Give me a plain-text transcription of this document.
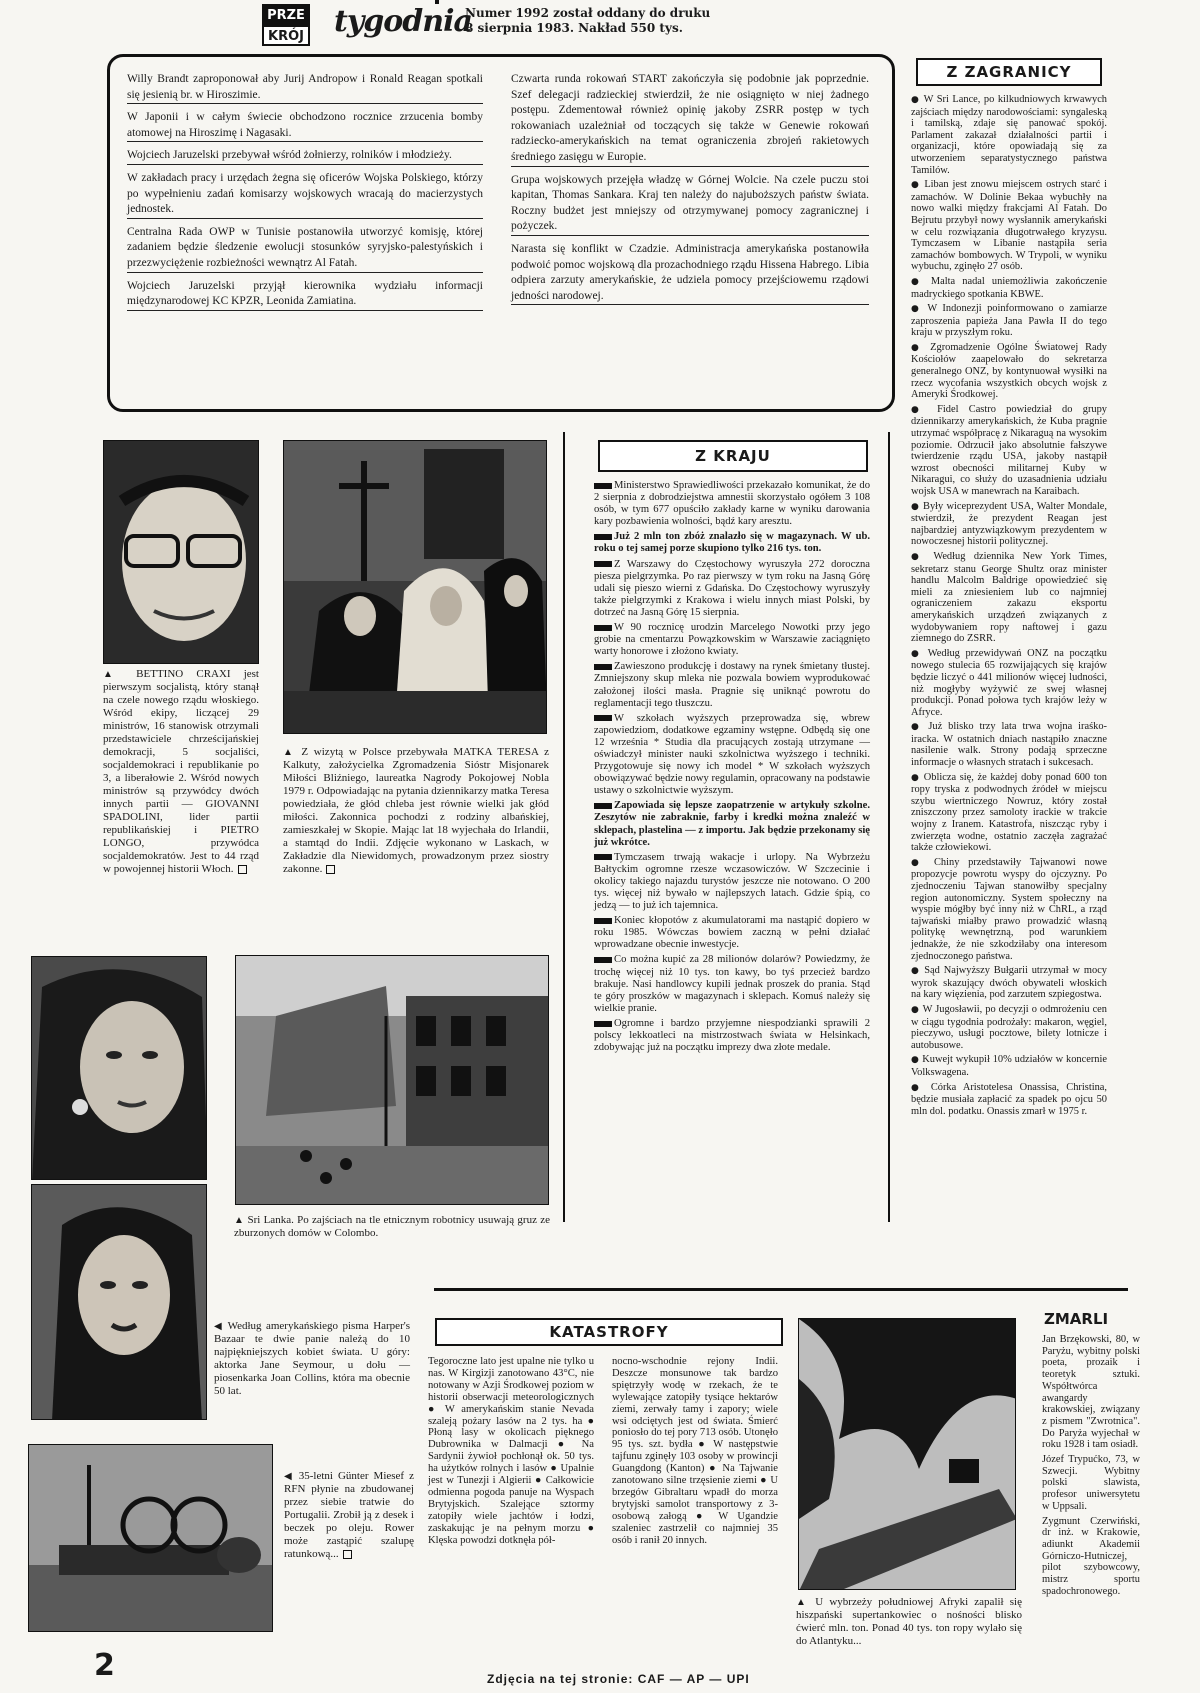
PRZE
KRÓJ tygodnia
Numer 1992 został oddany do druku
8 sierpnia 1983. Nakład 550 tys.

Willy Brandt zaproponował aby Jurij Andropow i Ronald Reagan spotkali się jesienią br. w Hiroszimie.

W Japonii i w całym świecie obchodzono rocznice zrzucenia bomby atomowej na Hiroszimę i Nagasaki.

Wojciech Jaruzelski przebywał wśród żołnierzy, rolników i młodzieży.

W zakładach pracy i urzędach żegna się oficerów Wojska Polskiego, którzy po wypełnieniu zadań komisarzy wojskowych wracają do macierzystych jednostek.

Centralna Rada OWP w Tunisie postanowiła utworzyć komisję, której zadaniem będzie śledzenie ewolucji stosunków syryjsko-palestyńskich i przezwyciężenie rozbieżności wewnątrz Al Fatah.

Wojciech Jaruzelski przyjął kierownika wydziału informacji międzynarodowej KC KPZR, Leonida Zamiatina.

Czwarta runda rokowań START zakończyła się podobnie jak poprzednie. Szef delegacji radzieckiej stwierdził, że nie osiągnięto w niej żadnego postępu. Zdementował również opinię jakoby ZSRR postęp w tych rokowaniach uzależniał od toczących się także w Genewie rokowań radziecko-amerykańskich na temat ograniczenia zbrojeń rakietowych średniego zasięgu w Europie.

Grupa wojskowych przejęła władzę w Górnej Wolcie. Na czele puczu stoi kapitan, Thomas Sankara. Kraj ten należy do najuboższych państw świata. Roczny budżet jest mniejszy od otrzymywanej pomocy zagranicznej i pożyczek.

Narasta się konflikt w Czadzie. Administracja amerykańska postanowiła podwoić pomoc wojskową dla prozachodniego rządu Hissena Habrego. Libia odpiera zarzuty amerykańskie, że udziela pomocy przejściowemu rządowi jedności narodowej.

Z ZAGRANICY

● W Sri Lance, po kilkudniowych krwawych zajściach między narodowościami: syngaleską i tamilską, zdaje się panować spokój. Parlament zakazał działalności partii i organizacji, które opowiadają się za utworzeniem separatystycznego państwa Tamilów.

● Liban jest znowu miejscem ostrych starć i zamachów. W Dolinie Bekaa wybuchły na nowo walki między frakcjami Al Fatah. Do Bejrutu przybył nowy wysłannik amerykański w celu rozwiązania długotrwałego kryzysu. Tymczasem w Libanie nastąpiła seria zamachów bombowych. W Trypoli, w wyniku wybuchu, zginęło 27 osób.

● Malta nadal uniemożliwia zakończenie madryckiego spotkania KBWE.

● W Indonezji poinformowano o zamiarze zaproszenia papieża Jana Pawła II do tego kraju w przyszłym roku.

● Zgromadzenie Ogólne Światowej Rady Kościołów zaapelowało do sekretarza generalnego ONZ, by kontynuował wysiłki na rzecz wycofania wszystkich obcych wojsk z Ameryki Środkowej.

● Fidel Castro powiedział do grupy dziennikarzy amerykańskich, że Kuba pragnie utrzymać współpracę z Nikaraguą na wysokim poziomie. Odrzucił jako absolutnie fałszywe twierdzenie rządu USA, jakoby nastąpił wzrost obecności militarnej Kuby w Nikaragui, co służy do uzasadnienia udziału wojsk USA w manewrach na Karaibach.

● Były wiceprezydent USA, Walter Mondale, stwierdził, że prezydent Reagan jest najbardziej antyzwiązkowym prezydentem w nowoczesnej historii politycznej.

● Według dziennika New York Times, sekretarz stanu George Shultz oraz minister handlu Malcolm Baldrige opowiedzieć się mieli za zniesieniem lub co najmniej ograniczeniem zakazu eksportu amerykańskich urządzeń związanych z wydobywaniem ropy naftowej i gazu ziemnego do ZSRR.

● Według przewidywań ONZ na początku nowego stulecia 65 rozwijających się krajów będzie liczyć o 441 milionów więcej ludności, niż mogłyby wyżywić ze swej własnej produkcji. Ponad połowa tych krajów leży w Afryce.

● Już blisko trzy lata trwa wojna iraśko-iracka. W ostatnich dniach nastąpiło znaczne nasilenie walk. Strony podają sprzeczne informacje o własnych stratach i sukcesach.

● Oblicza się, że każdej doby ponad 600 ton ropy tryska z podwodnych źródeł w miejscu szybu wiertniczego Nowruz, który został zniszczony przez samoloty irackie w trakcie wojny z Iranem. Katastrofa, niszcząc ryby i zwierzęta wodne, ostatnio zaczęła zagrażać także człowiekowi.

● Chiny przedstawiły Tajwanowi nowe propozycje powrotu wyspy do ojczyzny. Po zjednoczeniu Tajwan stanowiłby specjalny region autonomiczny. System społeczny na wyspie mógłby być inny niż w ChRL, a rząd tajwański miałby prawo prowadzić własną politykę wewnętrzną, pod warunkiem jednakże, że nie szkodziłaby ona interesom zjednoczonego państwa.

● Sąd Najwyższy Bułgarii utrzymał w mocy wyrok skazujący dwóch obywateli włoskich na kary więzienia, pod zarzutem szpiegostwa.

● W Jugosławii, po decyzji o odmrożeniu cen w ciągu tygodnia podrożały: makaron, węgiel, pieczywo, usługi pocztowe, bilety lotnicze i autobusowe.

● Kuwejt wykupił 10% udziałów w koncernie Volkswagena.

● Córka Aristotelesa Onassisa, Christina, będzie musiała zapłacić za spadek po ojcu 50 mln dol. podatku. Onassis zmarł w 1975 r.

▲ BETTINO CRAXI jest pierwszym socjalistą, który stanął na czele nowego rządu włoskiego. Wśród ekipy, liczącej 29 ministrów, 16 stanowisk otrzymali przedstawiciele chrześcijańskiej demokracji, 5 socjaliści, socjaldemokraci i republikanie po 3, a liberałowie 2. Wśród nowych ministrów są przywódcy dwóch innych partii — GIOVANNI SPADOLINI, lider partii republikańskiej i PIETRO LONGO, przywódca socjaldemokratów. Jest to 44 rząd w powojennej historii Włoch.
▲ Z wizytą w Polsce przebywała MATKA TERESA z Kalkuty, założycielka Zgromadzenia Sióstr Misjonarek Miłości Bliźniego, laureatka Nagrody Pokojowej Nobla 1979 r. Odpowiadając na pytania dziennikarzy matka Teresa powiedziała, że głód chleba jest równie wielki jak głód miłości. Zakonnica pochodzi z rodziny albańskiej, zamieszkałej w Skopie. Mając lat 18 wyjechała do Irlandii, a stamtąd do Indii. Zdjęcie wykonano w Laskach, w Zakładzie dla Niewidomych, prowadzonym przez siostry zakonne.
◀ Według amerykańskiego pisma Harper's Bazaar te dwie panie należą do 10 najpiękniejszych kobiet świata. U góry: aktorka Jane Seymour, u dołu — piosenkarka Joan Collins, która ma obecnie 50 lat.
▲ Sri Lanka. Po zajściach na tle etnicznym robotnicy usuwają gruz ze zburzonych domów w Colombo.
Z KRAJU

Ministerstwo Sprawiedliwości przekazało komunikat, że do 2 sierpnia z dobrodziejstwa amnestii skorzystało ogółem 3 108 osób, w tym 677 opuściło zakłady karne w wyniku darowania kary pozbawienia wolności, bądź kary aresztu.

Już 2 mln ton zbóż znalazło się w magazynach. W ub. roku o tej samej porze skupiono tylko 216 tys. ton.

Z Warszawy do Częstochowy wyruszyła 272 doroczna piesza pielgrzymka. Po raz pierwszy w tym roku na Jasną Górę udali się pieszo wierni z Gdańska. Do Częstochowy wyruszyły także pielgrzymki z Krakowa i wielu innych miast Polski, by dotrzeć na Jasną Górę 15 sierpnia.

W 90 rocznicę urodzin Marcelego Nowotki przy jego grobie na cmentarzu Powązkowskim w Warszawie zaciągnięto warty honorowe i złożono kwiaty.

Zawieszono produkcję i dostawy na rynek śmietany tłustej. Zmniejszony skup mleka nie pozwala bowiem wyprodukować założonej ilości masła. Pragnie się uniknąć powrotu do reglamentacji tego tłuszczu.

W szkołach wyższych przeprowadza się, wbrew zapowiedziom, dodatkowe egzaminy wstępne. Odbędą się one 12 września * Studia dla pracujących zostają utrzymane — oświadczył minister nauki szkolnictwa wyższego i techniki. Przygotowuje się nowy ich model * W szkołach wyższych obowiązywać będzie nowy regulamin, opracowany na podstawie ustawy o szkolnictwie wyższym.

Zapowiada się lepsze zaopatrzenie w artykuły szkolne. Zeszytów nie zabraknie, farby i kredki można znaleźć w sklepach, plastelina — z importu. Jak będzie przekonamy się już wkrótce.

Tymczasem trwają wakacje i urlopy. Na Wybrzeżu Bałtyckim ogromne rzesze wczasowiczów. W Szczecinie i okolicy takiego najazdu turystów jeszcze nie notowano. O 200 tys. więcej niż bywało w najlepszych latach. Gdzie śpią, co jedzą — to już ich tajemnica.

Koniec kłopotów z akumulatorami ma nastąpić dopiero w roku 1985. Wówczas bowiem zaczną w pełni działać wprowadzane obecnie inwestycje.

Co można kupić za 28 milionów dolarów? Powiedzmy, że trochę więcej niż 10 tys. ton kawy, bo tyś przecież bardzo brakuje. Nasi handlowcy kupili jednak proszek do prania. Stąd te góry proszków w magazynach i sklepach. Komuś należy się wielkie pranie.

Ogromne i bardzo przyjemne niespodzianki sprawili 2 polscy lekkoatleci na mistrzostwach świata w Helsinkach, zdobywając już na początku imprezy dwa złote medale.

◀ 35-letni Günter Miesef z RFN płynie na zbudowanej przez siebie tratwie do Portugalii. Zrobił ją z desek i beczek po oleju. Rower może zastąpić szalupę ratunkową...
KATASTROFY
Tegoroczne lato jest upalne nie tylko u nas. W Kirgizji zanotowano 43°C, nie notowany w Azji Środkowej poziom w historii obserwacji meteorologicznych ● W amerykańskim stanie Nevada szaleją pożary lasów na 2 tys. ha ● Płoną lasy w okolicach pięknego Dubrownika w Dalmacji ● Na Sardynii żywioł pochłonął ok. 50 tys. ha użytków rolnych i lasów ● Upalnie jest w Tunezji i Algierii ● Całkowicie odmienna pogoda panuje na Wyspach Brytyjskich. Szalejące sztormy zatopiły wiele jachtów i łodzi, zaskakując je na pełnym morzu ● Klęska powodzi dotknęła pół-
nocno-wschodnie rejony Indii. Deszcze monsunowe tak bardzo spiętrzyły wodę w rzekach, że te wylewające zatopiły tysiące hektarów ziemi, zerwały tamy i zapory; wiele wsi odciętych jest od świata. Śmierć poniosło do tej pory 713 osób. Utonęło 95 tys. szt. bydła ● W następstwie tajfunu zginęły 103 osoby w prowincji Guangdong (Kanton) ● Na Tajwanie zanotowano silne trzęsienie ziemi ● U brzegów Gibraltaru wpadł do morza brytyjski samolot transportowy z 3-osobową załogą ● W Ugandzie szaleniec zastrzelił co najmniej 35 osób i ranił 20 innych.
▲ U wybrzeży południowej Afryki zapalił się hiszpański supertankowiec o nośności blisko ćwierć mln. ton. Ponad 40 tys. ton ropy wylało się do Atlantyku...
ZMARLI

Jan Brzękowski, 80, w Paryżu, wybitny polski poeta, prozaik i teoretyk sztuki. Współtwórca awangardy krakowskiej, związany z pismem "Zwrotnica". Do Paryża wyjechał w roku 1928 i tam osiadł.

Józef Trypućko, 73, w Szwecji. Wybitny polski slawista, profesor uniwersytetu w Uppsali.

Zygmunt Czerwiński, dr inż. w Krakowie, adiunkt Akademii Górniczo-Hutniczej, pilot szybowcowy, mistrz sportu spadochronowego.

2	Zdjęcia na tej stronie: CAF — AP — UPI
